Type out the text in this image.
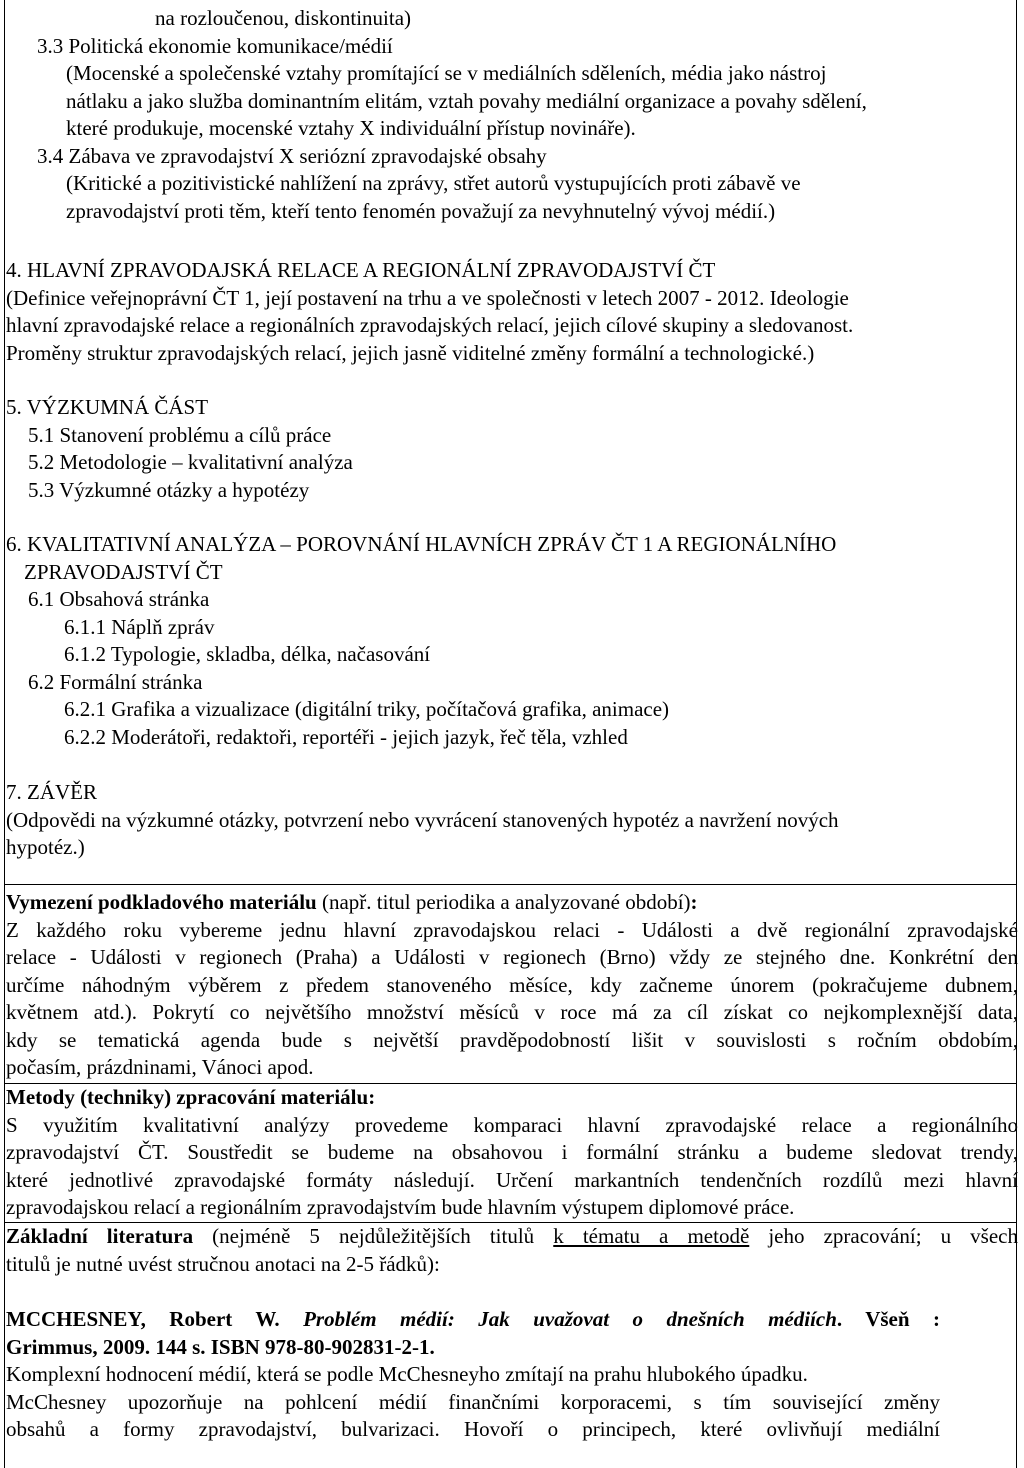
na rozloučenou, diskontinuita)
3.3 Politická ekonomie komunikace/médií
(Mocenské a společenské vztahy promítající se v mediálních sděleních, média jako nástroj
nátlaku a jako služba dominantním elitám, vztah povahy mediální organizace a povahy sdělení,
které produkuje, mocenské vztahy X individuální přístup novináře).
3.4 Zábava ve zpravodajství X seriózní zpravodajské obsahy
(Kritické a pozitivistické nahlížení na zprávy, střet autorů vystupujících proti zábavě ve
zpravodajství proti těm, kteří tento fenomén považují za nevyhnutelný vývoj médií.)
4. HLAVNÍ ZPRAVODAJSKÁ RELACE A REGIONÁLNÍ ZPRAVODAJSTVÍ ČT
(Definice veřejnoprávní ČT 1, její postavení na trhu a ve společnosti v letech 2007 - 2012. Ideologie
hlavní zpravodajské relace a regionálních zpravodajských relací, jejich cílové skupiny a sledovanost.
Proměny struktur zpravodajských relací, jejich jasně viditelné změny formální a technologické.)
5. VÝZKUMNÁ ČÁST
5.1 Stanovení problému a cílů práce
5.2 Metodologie – kvalitativní analýza
5.3 Výzkumné otázky a hypotézy
6. KVALITATIVNÍ ANALÝZA – POROVNÁNÍ HLAVNÍCH ZPRÁV ČT 1 A REGIONÁLNÍHO
ZPRAVODAJSTVÍ ČT
6.1 Obsahová stránka
6.1.1 Náplň zpráv
6.1.2 Typologie, skladba, délka, načasování
6.2 Formální stránka
6.2.1 Grafika a vizualizace (digitální triky, počítačová grafika, animace)
6.2.2 Moderátoři, redaktoři, reportéři - jejich jazyk, řeč těla, vzhled
7. ZÁVĚR
(Odpovědi na výzkumné otázky, potvrzení nebo vyvrácení stanovených hypotéz a navržení nových
hypotéz.)
Vymezení podkladového materiálu (např. titul periodika a analyzované období):
Z každého roku vybereme jednu hlavní zpravodajskou relaci - Události a dvě regionální zpravodajské
relace - Události v regionech (Praha) a Události v regionech (Brno) vždy ze stejného dne. Konkrétní den
určíme náhodným výběrem z předem stanoveného měsíce, kdy začneme únorem (pokračujeme dubnem,
květnem atd.). Pokrytí co největšího množství měsíců v roce má za cíl získat co nejkomplexnější data,
kdy se tematická agenda bude s největší pravděpodobností lišit v souvislosti s ročním obdobím,
počasím, prázdninami, Vánoci apod.
Metody (techniky) zpracování materiálu:
S využitím kvalitativní analýzy provedeme komparaci hlavní zpravodajské relace a regionálního
zpravodajství ČT. Soustředit se budeme na obsahovou i formální stránku a budeme sledovat trendy,
které jednotlivé zpravodajské formáty následují. Určení markantních tendenčních rozdílů mezi hlavní
zpravodajskou relací a regionálním zpravodajstvím bude hlavním výstupem diplomové práce.
Základní literatura (nejméně 5 nejdůležitějších titulů k tématu a metodě jeho zpracování; u všech
titulů je nutné uvést stručnou anotaci na 2-5 řádků):
MCCHESNEY, Robert W. Problém médií: Jak uvažovat o dnešních médiích. Všeň :
Grimmus, 2009. 144 s. ISBN 978-80-902831-2-1.
Komplexní hodnocení médií, která se podle McChesneyho zmítají na prahu hlubokého úpadku.
McChesney upozorňuje na pohlcení médií finančními korporacemi, s tím související změny
obsahů a formy zpravodajství, bulvarizaci. Hovoří o principech, které ovlivňují mediální
